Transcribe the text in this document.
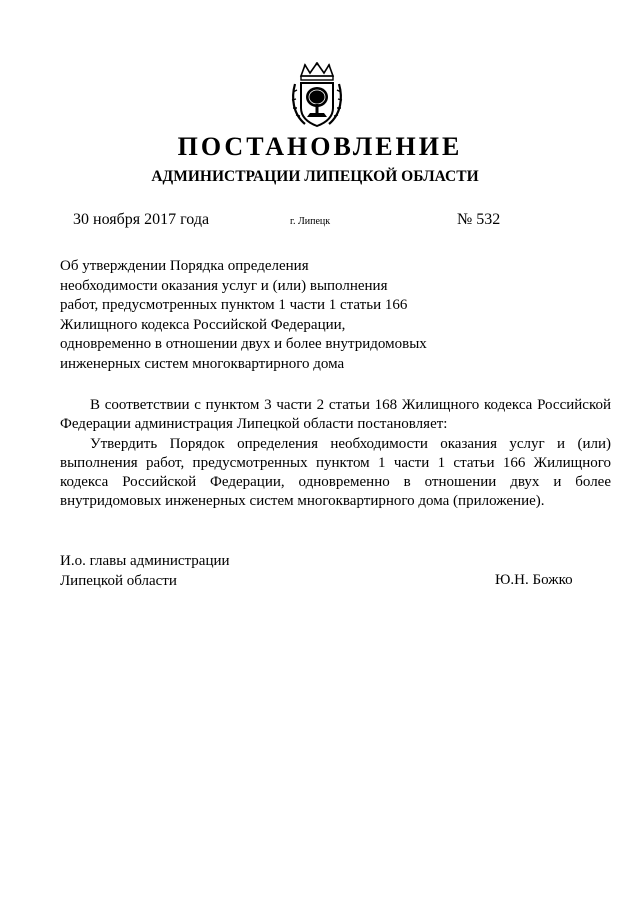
ПОСТАНОВЛЕНИЕ
АДМИНИСТРАЦИИ ЛИПЕЦКОЙ ОБЛАСТИ
30 ноября 2017 года	г. Липецк	№ 532
Об утверждении Порядка определения
необходимости оказания услуг и (или) выполнения
работ, предусмотренных пунктом 1 части 1 статьи 166
Жилищного кодекса Российской Федерации,
одновременно в отношении двух и более внутридомовых
инженерных систем многоквартирного дома

В соответствии с пунктом 3 части 2 статьи 168 Жилищного кодекса Российской Федерации администрация Липецкой области постановляет:

Утвердить Порядок определения необходимости оказания услуг и (или) выполнения работ, предусмотренных пунктом 1 части 1 статьи 166 Жилищного кодекса Российской Федерации, одновременно в отношении двух и более внутридомовых инженерных систем многоквартирного дома (приложение).

И.о. главы администрации
Липецкой области	Ю.Н. Божко
